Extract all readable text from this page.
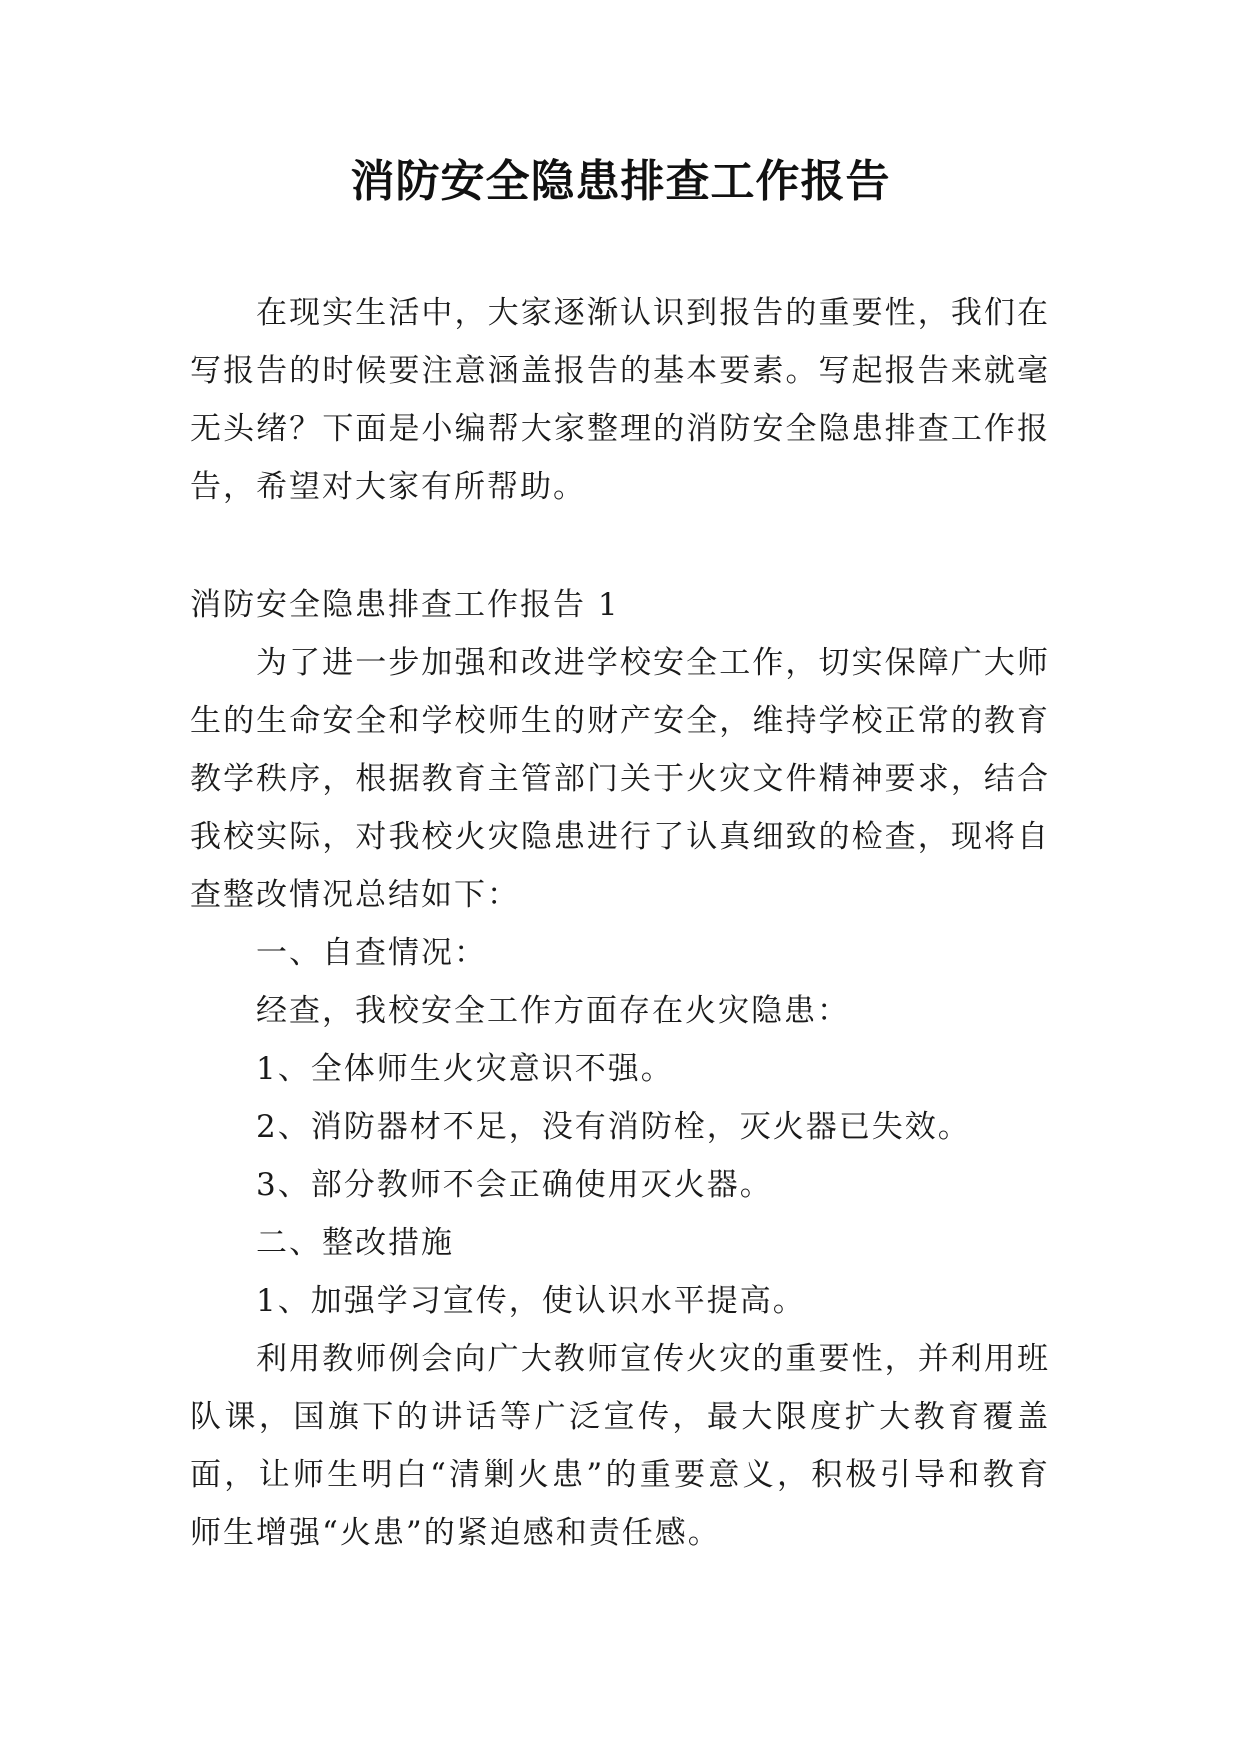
消防安全隐患排查工作报告

在现实生活中，大家逐渐认识到报告的重要性，我们在写报告的时候要注意涵盖报告的基本要素。写起报告来就毫无头绪？下面是小编帮大家整理的消防安全隐患排查工作报告，希望对大家有所帮助。

消防安全隐患排查工作报告 1

为了进一步加强和改进学校安全工作，切实保障广大师生的生命安全和学校师生的财产安全，维持学校正常的教育教学秩序，根据教育主管部门关于火灾文件精神要求，结合我校实际，对我校火灾隐患进行了认真细致的检查，现将自查整改情况总结如下：

一、自查情况：

经查，我校安全工作方面存在火灾隐患：

1、全体师生火灾意识不强。

2、消防器材不足，没有消防栓，灭火器已失效。

3、部分教师不会正确使用灭火器。

二、整改措施

1、加强学习宣传，使认识水平提高。

利用教师例会向广大教师宣传火灾的重要性，并利用班队课，国旗下的讲话等广泛宣传，最大限度扩大教育覆盖面，让师生明白“清剿火患”的重要意义，积极引导和教育师生增强“火患”的紧迫感和责任感。
